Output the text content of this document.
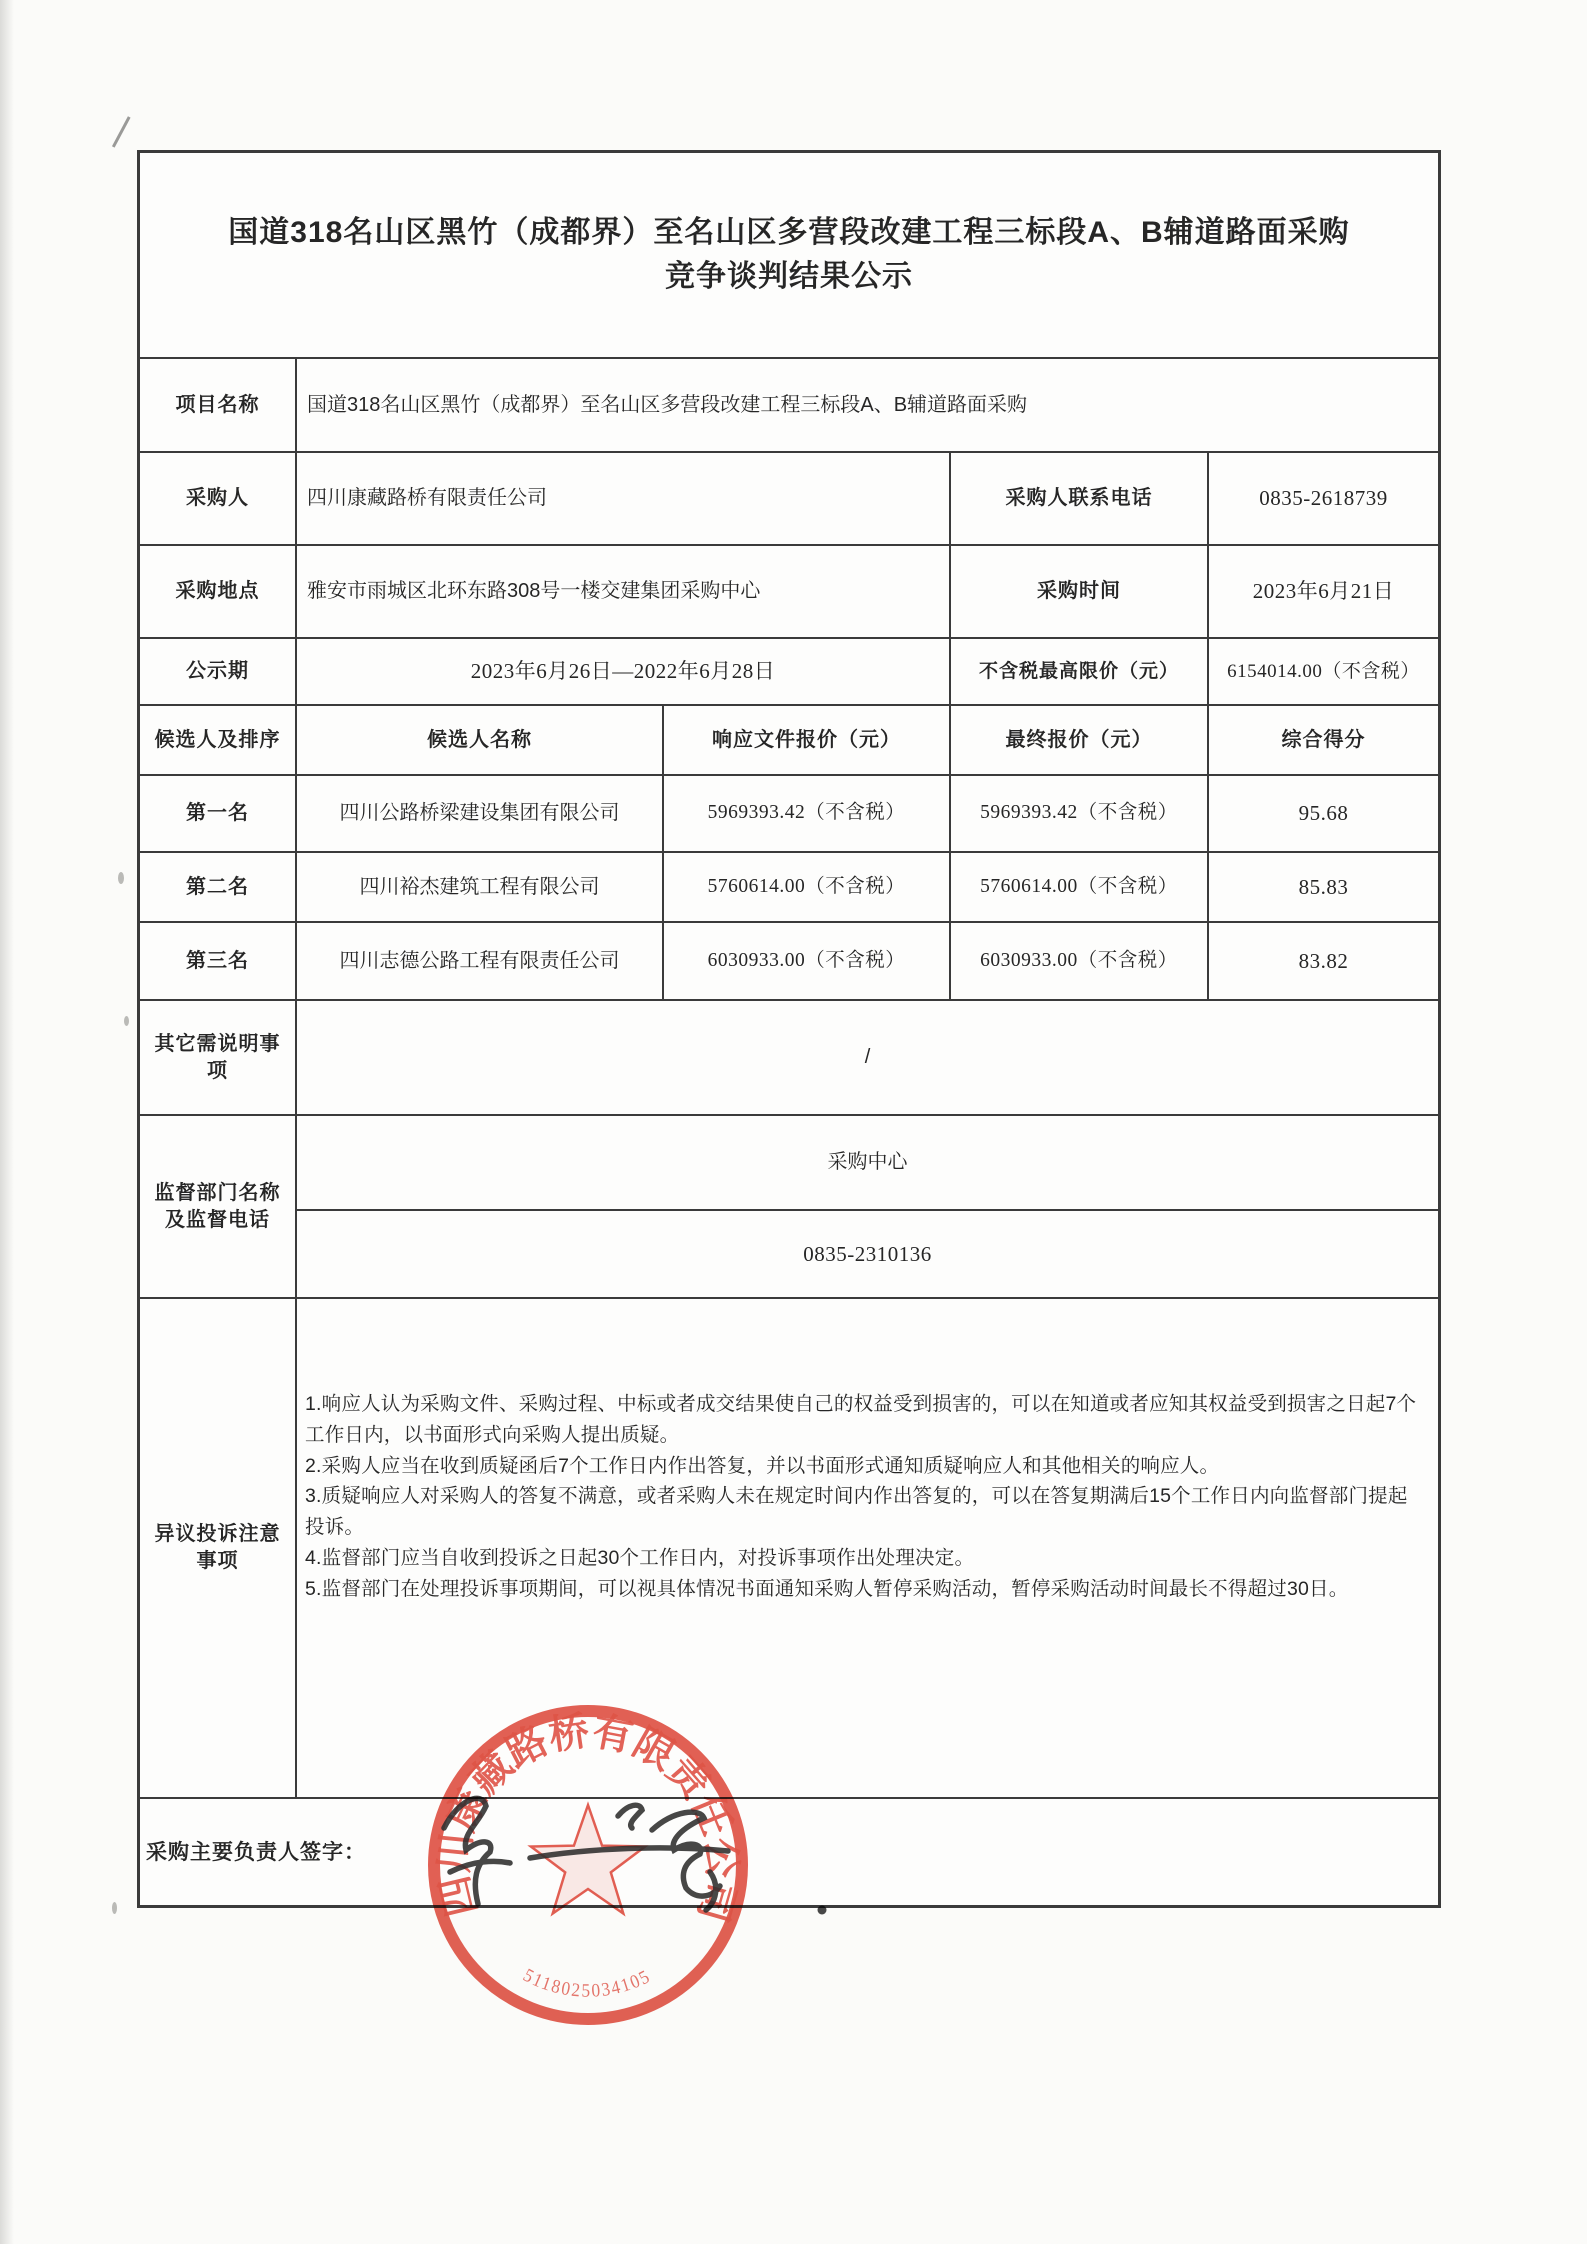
国道318名山区黑竹（成都界）至名山区多营段改建工程三标段A、B辅道路面采购
竞争谈判结果公示
项目名称	国道318名山区黑竹（成都界）至名山区多营段改建工程三标段A、B辅道路面采购
采购人	四川康藏路桥有限责任公司	采购人联系电话	0835-2618739
采购地点	雅安市雨城区北环东路308号一楼交建集团采购中心	采购时间	2023年6月21日
公示期	2023年6月26日—2022年6月28日	不含税最高限价（元）	6154014.00（不含税）
候选人及排序	候选人名称	响应文件报价（元）	最终报价（元）	综合得分
第一名	四川公路桥梁建设集团有限公司	5969393.42（不含税）	5969393.42（不含税）	95.68
第二名	四川裕杰建筑工程有限公司	5760614.00（不含税）	5760614.00（不含税）	85.83
第三名	四川志德公路工程有限责任公司	6030933.00（不含税）	6030933.00（不含税）	83.82
其它需说明事项
/
监督部门名称及监督电话
采购中心
0835-2310136
异议投诉注意事项
1.响应人认为采购文件、采购过程、中标或者成交结果使自己的权益受到损害的，可以在知道或者应知其权益受到损害之日起7个工作日内，以书面形式向采购人提出质疑。
2.采购人应当在收到质疑函后7个工作日内作出答复，并以书面形式通知质疑响应人和其他相关的响应人。
3.质疑响应人对采购人的答复不满意，或者采购人未在规定时间内作出答复的，可以在答复期满后15个工作日内向监督部门提起投诉。
4.监督部门应当自收到投诉之日起30个工作日内，对投诉事项作出处理决定。
5.监督部门在处理投诉事项期间，可以视具体情况书面通知采购人暂停采购活动，暂停采购活动时间最长不得超过30日。
采购主要负责人签字：
四川康藏路桥有限责任公司
5118025034105
